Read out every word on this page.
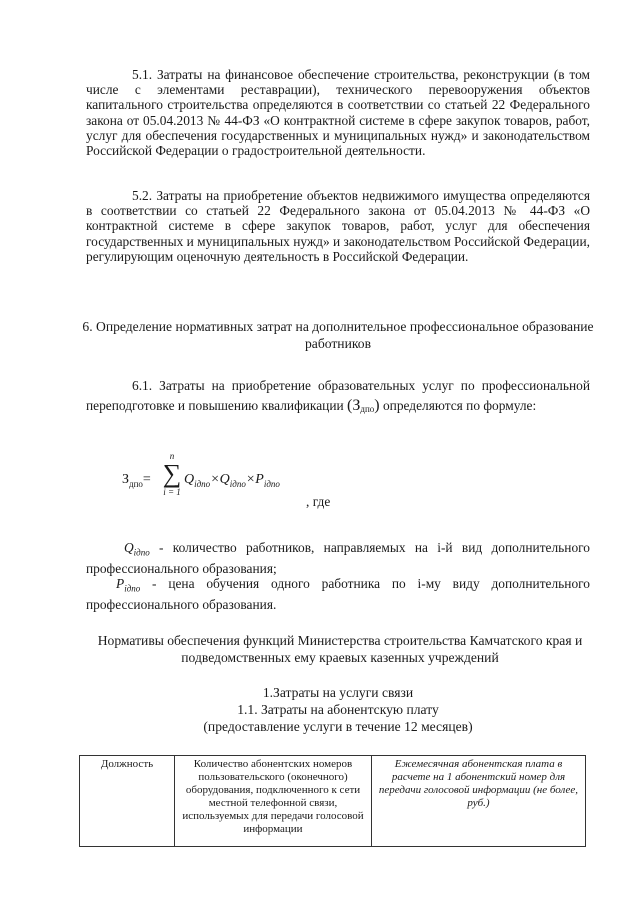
5.1. Затраты на финансовое обеспечение строительства, реконструкции (в том числе с элементами реставрации), технического перевооружения объектов капитального строительства определяются в соответствии со статьей 22 Федерального закона от 05.04.2013 № 44-ФЗ «О контрактной системе в сфере закупок товаров, работ, услуг для обеспечения государственных и муниципальных нужд» и законодательством Российской Федерации о градостроительной деятельности.
5.2. Затраты на приобретение объектов недвижимого имущества определяются в соответствии со статьей 22 Федерального закона от 05.04.2013 № 44-ФЗ «О контрактной системе в сфере закупок товаров, работ, услуг для обеспечения государственных и муниципальных нужд» и законодательством Российской Федерации, регулирующим оценочную деятельность в Российской Федерации.
6. Определение нормативных затрат на дополнительное профессиональное образование работников
6.1. Затраты на приобретение образовательных услуг по профессиональной переподготовке и повышению квалификации (Здпо) определяются по формуле:
$З_{дпо}=$
n
∑
i = 1
$Q_{iдпо}\times Q_{iдпо}\times P_{iдпо}$
, где
$Q_{iдпо}$ - количество работников, направляемых на i-й вид дополнительного профессионального образования;
$P_{iдпо}$ - цена обучения одного работника по i-му виду дополнительного профессионального образования.
Нормативы обеспечения функций Министерства строительства Камчатского края и подведомственных ему краевых казенных учреждений
1.Затраты на услуги связи
1.1. Затраты на абонентскую плату
(предоставление услуги в течение 12 месяцев)
Должность	Количество абонентских номеров пользовательского (оконечного) оборудования, подключенного к сети местной телефонной связи, используемых для передачи голосовой информации	Ежемесячная абонентская плата в расчете на 1 абонентский номер для передачи голосовой информации (не более, руб.)
